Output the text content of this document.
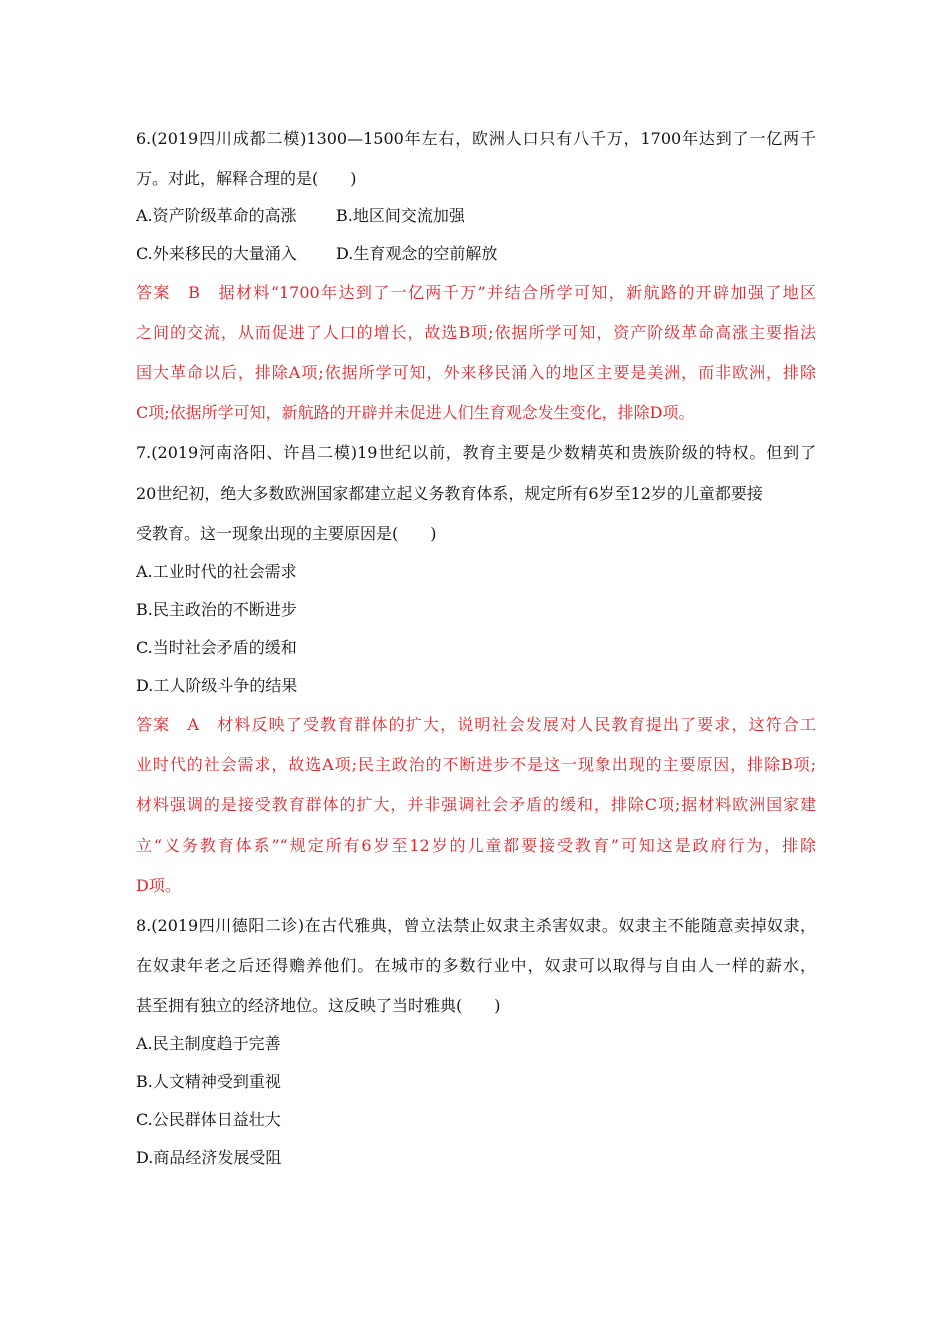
6.(2019四川成都二模)1300—1500年左右，欧洲人口只有八千万，1700年达到了一亿两千
万。对此，解释合理的是(　　)
A.资产阶级革命的高涨 B.地区间交流加强
C.外来移民的大量涌入 D.生育观念的空前解放
答案　B　据材料“1700年达到了一亿两千万”并结合所学可知，新航路的开辟加强了地区
之间的交流，从而促进了人口的增长，故选B项;依据所学可知，资产阶级革命高涨主要指法
国大革命以后，排除A项;依据所学可知，外来移民涌入的地区主要是美洲，而非欧洲，排除
C项;依据所学可知，新航路的开辟并未促进人们生育观念发生变化，排除D项。
7.(2019河南洛阳、许昌二模)19世纪以前，教育主要是少数精英和贵族阶级的特权。但到了
20世纪初，绝大多数欧洲国家都建立起义务教育体系，规定所有6岁至12岁的儿童都要接
受教育。这一现象出现的主要原因是(　　)
A.工业时代的社会需求
B.民主政治的不断进步
C.当时社会矛盾的缓和
D.工人阶级斗争的结果
答案　A　材料反映了受教育群体的扩大，说明社会发展对人民教育提出了要求，这符合工
业时代的社会需求，故选A项;民主政治的不断进步不是这一现象出现的主要原因，排除B项;
材料强调的是接受教育群体的扩大，并非强调社会矛盾的缓和，排除C项;据材料欧洲国家建
立“义务教育体系”“规定所有6岁至12岁的儿童都要接受教育”可知这是政府行为，排除
D项。
8.(2019四川德阳二诊)在古代雅典，曾立法禁止奴隶主杀害奴隶。奴隶主不能随意卖掉奴隶，
在奴隶年老之后还得赡养他们。在城市的多数行业中，奴隶可以取得与自由人一样的薪水，
甚至拥有独立的经济地位。这反映了当时雅典(　　)
A.民主制度趋于完善
B.人文精神受到重视
C.公民群体日益壮大
D.商品经济发展受阻
